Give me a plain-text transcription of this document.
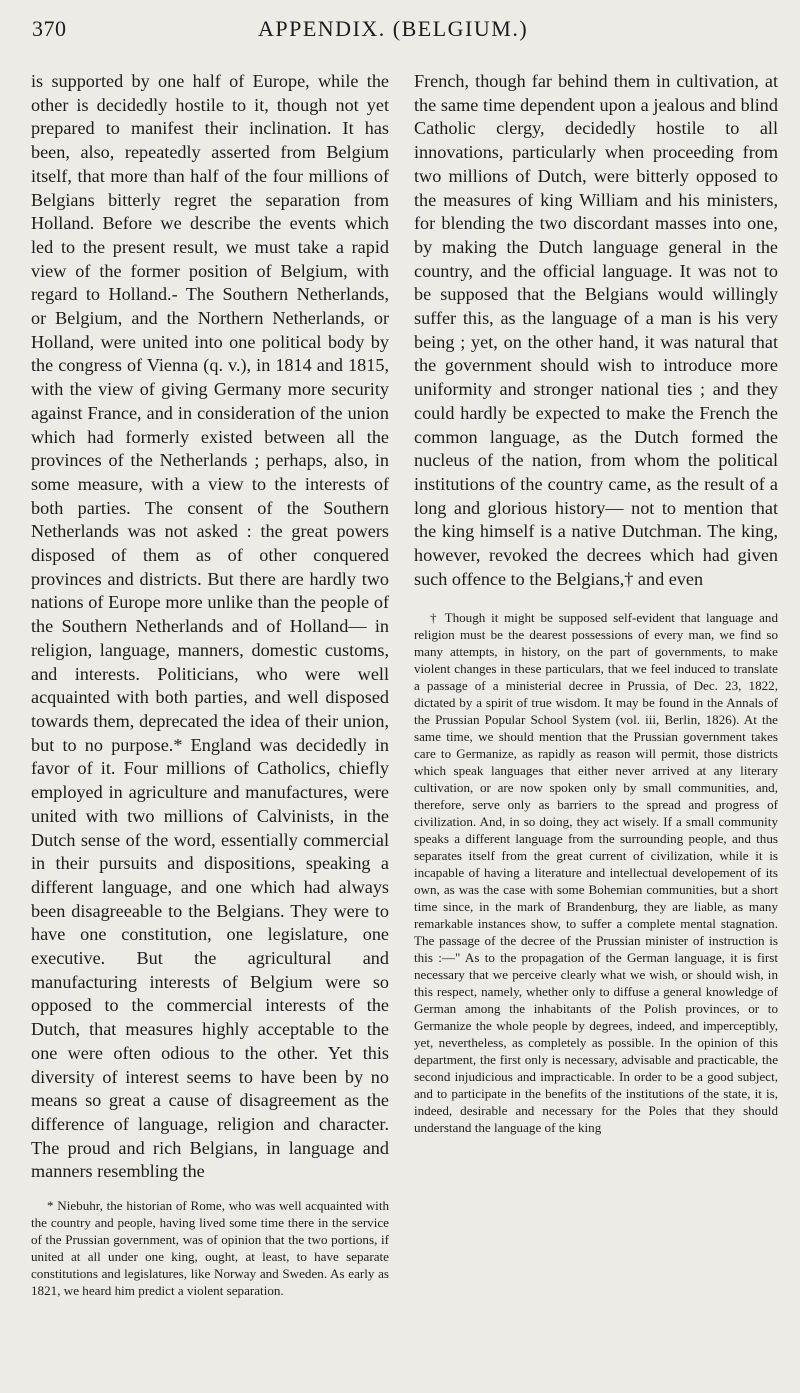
370	APPENDIX. (BELGIUM.)

is supported by one half of Europe, while the other is decidedly hostile to it, though not yet prepared to manifest their inclination. It has been, also, repeatedly asserted from Belgium itself, that more than half of the four millions of Belgians bitterly regret the separation from Holland. Before we describe the events which led to the present result, we must take a rapid view of the former position of Belgium, with regard to Holland.- The Southern Netherlands, or Belgium, and the Northern Netherlands, or Holland, were united into one political body by the congress of Vienna (q. v.), in 1814 and 1815, with the view of giving Germany more security against France, and in consideration of the union which had formerly existed between all the provinces of the Netherlands ; perhaps, also, in some measure, with a view to the interests of both parties. The consent of the Southern Netherlands was not asked : the great powers disposed of them as of other conquered provinces and districts. But there are hardly two nations of Europe more unlike than the people of the Southern Netherlands and of Holland— in religion, language, manners, domestic customs, and interests. Politicians, who were well acquainted with both parties, and well disposed towards them, deprecated the idea of their union, but to no purpose.* England was decidedly in favor of it. Four millions of Catholics, chiefly employed in agriculture and manufactures, were united with two millions of Calvinists, in the Dutch sense of the word, essentially commercial in their pursuits and dispositions, speaking a different language, and one which had always been disagreeable to the Belgians. They were to have one constitution, one legislature, one executive. But the agricultural and manufacturing interests of Belgium were so opposed to the commercial interests of the Dutch, that measures highly acceptable to the one were often odious to the other. Yet this diversity of interest seems to have been by no means so great a cause of disagreement as the difference of language, religion and character. The proud and rich Belgians, in language and manners resembling the

* Niebuhr, the historian of Rome, who was well acquainted with the country and people, having lived some time there in the service of the Prussian government, was of opinion that the two portions, if united at all under one king, ought, at least, to have separate constitutions and legislatures, like Norway and Sweden. As early as 1821, we heard him predict a violent separation.

French, though far behind them in cultivation, at the same time dependent upon a jealous and blind Catholic clergy, decidedly hostile to all innovations, particularly when proceeding from two millions of Dutch, were bitterly opposed to the measures of king William and his ministers, for blending the two discordant masses into one, by making the Dutch language general in the country, and the official language. It was not to be supposed that the Belgians would willingly suffer this, as the language of a man is his very being ; yet, on the other hand, it was natural that the government should wish to introduce more uniformity and stronger national ties ; and they could hardly be expected to make the French the common language, as the Dutch formed the nucleus of the nation, from whom the political institutions of the country came, as the result of a long and glorious history— not to mention that the king himself is a native Dutchman. The king, however, revoked the decrees which had given such offence to the Belgians,† and even

† Though it might be supposed self-evident that language and religion must be the dearest possessions of every man, we find so many attempts, in history, on the part of governments, to make violent changes in these particulars, that we feel induced to translate a passage of a ministerial decree in Prussia, of Dec. 23, 1822, dictated by a spirit of true wisdom. It may be found in the Annals of the Prussian Popular School System (vol. iii, Berlin, 1826). At the same time, we should mention that the Prussian government takes care to Germanize, as rapidly as reason will permit, those districts which speak languages that either never arrived at any literary cultivation, or are now spoken only by small communities, and, therefore, serve only as barriers to the spread and progress of civilization. And, in so doing, they act wisely. If a small community speaks a different language from the surrounding people, and thus separates itself from the great current of civilization, while it is incapable of having a literature and intellectual developement of its own, as was the case with some Bohemian communities, but a short time since, in the mark of Brandenburg, they are liable, as many remarkable instances show, to suffer a complete mental stagnation. The passage of the decree of the Prussian minister of instruction is this :—" As to the propagation of the German language, it is first necessary that we perceive clearly what we wish, or should wish, in this respect, namely, whether only to diffuse a general knowledge of German among the inhabitants of the Polish provinces, or to Germanize the whole people by degrees, indeed, and imperceptibly, yet, nevertheless, as completely as possible. In the opinion of this department, the first only is necessary, advisable and practicable, the second injudicious and impracticable. In order to be a good subject, and to participate in the benefits of the institutions of the state, it is, indeed, desirable and necessary for the Poles that they should understand the language of the king
